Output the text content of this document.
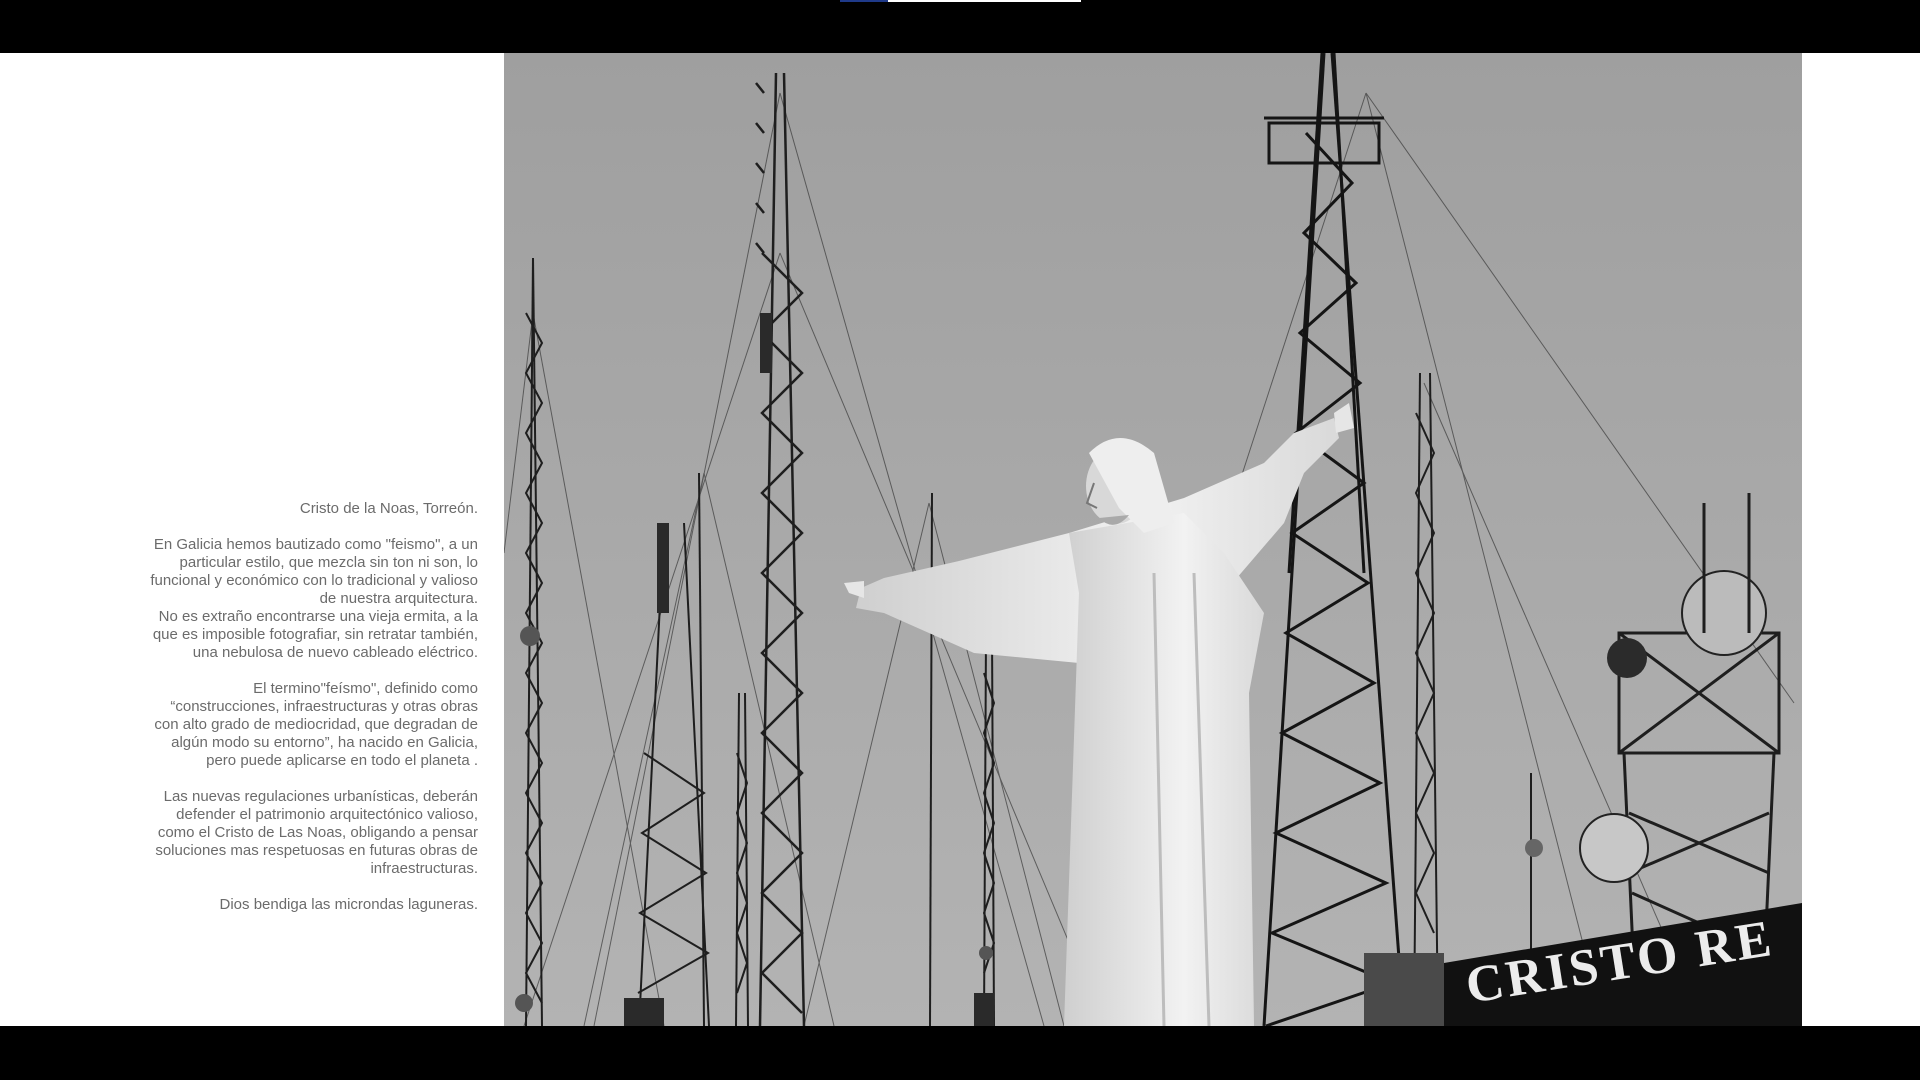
Cristo de la Noas, Torreón.

En Galicia hemos bautizado como "feismo", a un
particular estilo, que mezcla sin ton ni son, lo
funcional y económico con lo tradicional y valioso
de nuestra arquitectura.
No es extraño encontrarse una vieja ermita, a la
que es imposible fotografiar, sin retratar también,
una nebulosa de nuevo cableado eléctrico.

El termino"feísmo", definido como
“construcciones, infraestructuras y otras obras
con alto grado de mediocridad, que degradan de
algún modo su entorno”, ha nacido en Galicia,
pero puede aplicarse en todo el planeta .

Las nuevas regulaciones urbanísticas, deberán
defender el patrimonio arquitectónico valioso,
como el Cristo de Las Noas, obligando a pensar
soluciones mas respetuosas en futuras obras de
infraestructuras.

Dios bendiga las microndas laguneras.

CRISTO RE
